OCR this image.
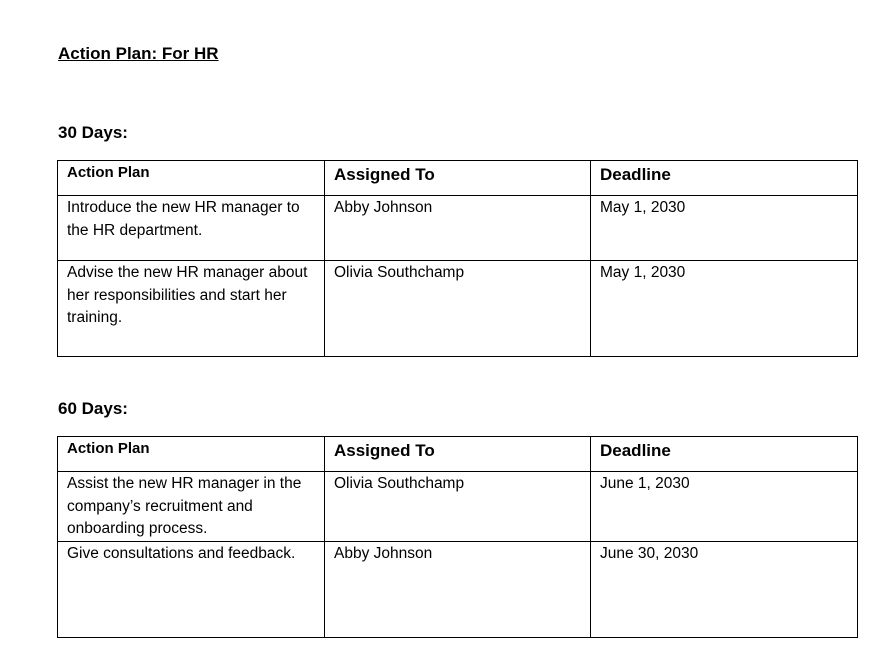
Action Plan: For HR
30 Days:
Action Plan	Assigned To	Deadline
Introduce the new HR manager to the HR department.	Abby Johnson	May 1, 2030
Advise the new HR manager about her responsibilities and start her training.	Olivia Southchamp	May 1, 2030
60 Days:
Action Plan	Assigned To	Deadline
Assist the new HR manager in the company’s recruitment and onboarding process.	Olivia Southchamp	June 1, 2030
Give consultations and feedback.	Abby Johnson	June 30, 2030
